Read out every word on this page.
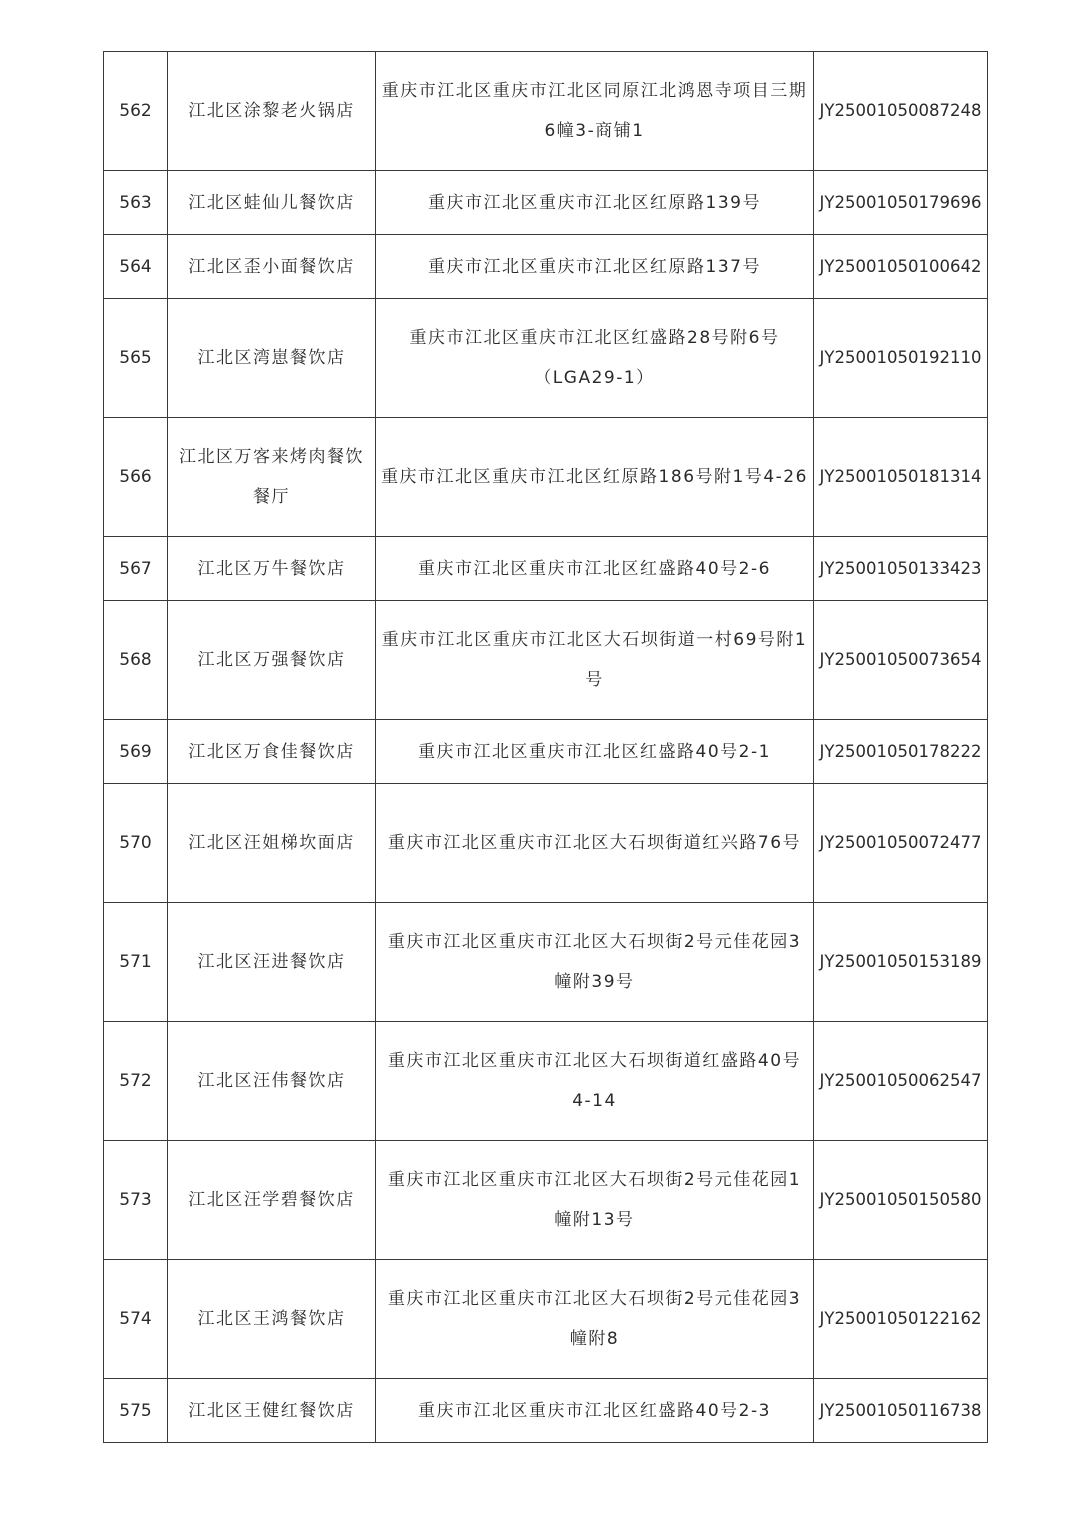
562	江北区涂黎老火锅店	重庆市江北区重庆市江北区同原江北鸿恩寺项目三期6幢3-商铺1	JY25001050087248
563	江北区蛙仙儿餐饮店	重庆市江北区重庆市江北区红原路139号	JY25001050179696
564	江北区歪小面餐饮店	重庆市江北区重庆市江北区红原路137号	JY25001050100642
565	江北区湾崽餐饮店	重庆市江北区重庆市江北区红盛路28号附6号（LGA29-1）	JY25001050192110
566	江北区万客来烤肉餐饮餐厅	重庆市江北区重庆市江北区红原路186号附1号4-26	JY25001050181314
567	江北区万牛餐饮店	重庆市江北区重庆市江北区红盛路40号2-6	JY25001050133423
568	江北区万强餐饮店	重庆市江北区重庆市江北区大石坝街道一村69号附1号	JY25001050073654
569	江北区万食佳餐饮店	重庆市江北区重庆市江北区红盛路40号2-1	JY25001050178222
570	江北区汪姐梯坎面店	重庆市江北区重庆市江北区大石坝街道红兴路76号	JY25001050072477
571	江北区汪进餐饮店	重庆市江北区重庆市江北区大石坝街2号元佳花园3幢附39号	JY25001050153189
572	江北区汪伟餐饮店	重庆市江北区重庆市江北区大石坝街道红盛路40号4-14	JY25001050062547
573	江北区汪学碧餐饮店	重庆市江北区重庆市江北区大石坝街2号元佳花园1幢附13号	JY25001050150580
574	江北区王鸿餐饮店	重庆市江北区重庆市江北区大石坝街2号元佳花园3幢附8	JY25001050122162
575	江北区王健红餐饮店	重庆市江北区重庆市江北区红盛路40号2-3	JY25001050116738
